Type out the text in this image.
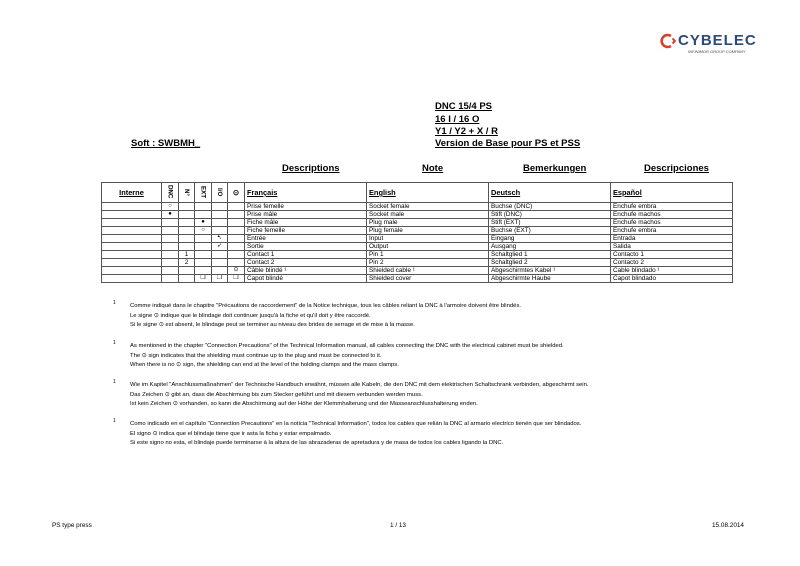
CYBELEC
INFINIMOR GROUP COMPANY
DNC 15/4 PS
16 I / 16 O
Y1 / Y2 + X / R
Soft : SWBMH_	Version de Base pour PS et PSS
Descriptions	Note	Bemerkungen	Descripciones
Interne	DNC	N°	EXT	I/O	⊙	Français	English	Deutsch	Español
	○					Prise femelle	Socket female	Buchse (DNC)	Enchufe embra
	●					Prise mâle	Socket male	Stift (DNC)	Enchufe machos
			●			Fiche mâle	Plug male	Stift (EXT)	Enchufe machos
			○			Fiche femelle	Plug female	Buchse (EXT)	Enchufe embra
				➷		Entrée	Input	Eingang	Entrada
				➶		Sortie	Output	Ausgang	Salida
		1				Contact 1	Pin 1	Schaltglied 1	Contacto 1
		2				Contact 2	Pin 2	Schaltglied 2	Contacto 2
					⊙	Câble blindé ¹	Shielded cable ¹	Abgeschirmtes Kabel ¹	Cable blindado ¹
			❐	❐	❐	Capot blindé	Shielded cover	Abgeschirmte Haube	Capot blindado
1 Comme indiqué dans le chapitre "Précautions de raccordement" de la Notice technique, tous les câbles reliant la DNC à l'armoire doivent être blindés.
Le signe ⊙ indique que le blindage doit continuer jusqu'à la fiche et qu'il doit y être raccordé.
Si le signe ⊙ est absent, le blindage peut se terminer au niveau des brides de serrage et de mise à la masse.
1 As mentioned in the chapter "Connection Precautions" of the Technical Information manual, all cables connecting the DNC with the electrical cabinet must be shielded.
The ⊙ sign indicates that the shielding must continue up to the plug and must be connected to it.
When there is no ⊙ sign, the shielding can end at the level of the holding clamps and the mass clamps.
1 Wie im Kapitel "Anschlussmaßnahmen" der Technische Handbuch erwähnt, müssen alle Kabeln, die den DNC mit dem elektrischen Schaltschrank verbinden, abgeschirmt sein.
Das Zeichen ⊙ gibt an, dass die Abschirmung bis zum Stecker geführt und mit diesem verbunden werden muss.
Ist kein Zeichen ⊙ vorhanden, so kann die Abschirmung auf der Höhe der Klemmhalterung und der Masseanschlusshalterung enden.
1 Como indicado en el capítulo "Connection Precautions" en la noticia "Technical Information", todos los cables que relián la DNC al armario electrico tienén que ser blindados.
El signo ⊙ indica que el blindaje tiene que ir asta la ficha y estar empalmado.
Si este signo no esta, el blindaje puede terminarse à la altura de las abrazaderas de apretadura y de masa de todos los cables ligando la DNC.
PS type press	1 / 13	15.08.2014
